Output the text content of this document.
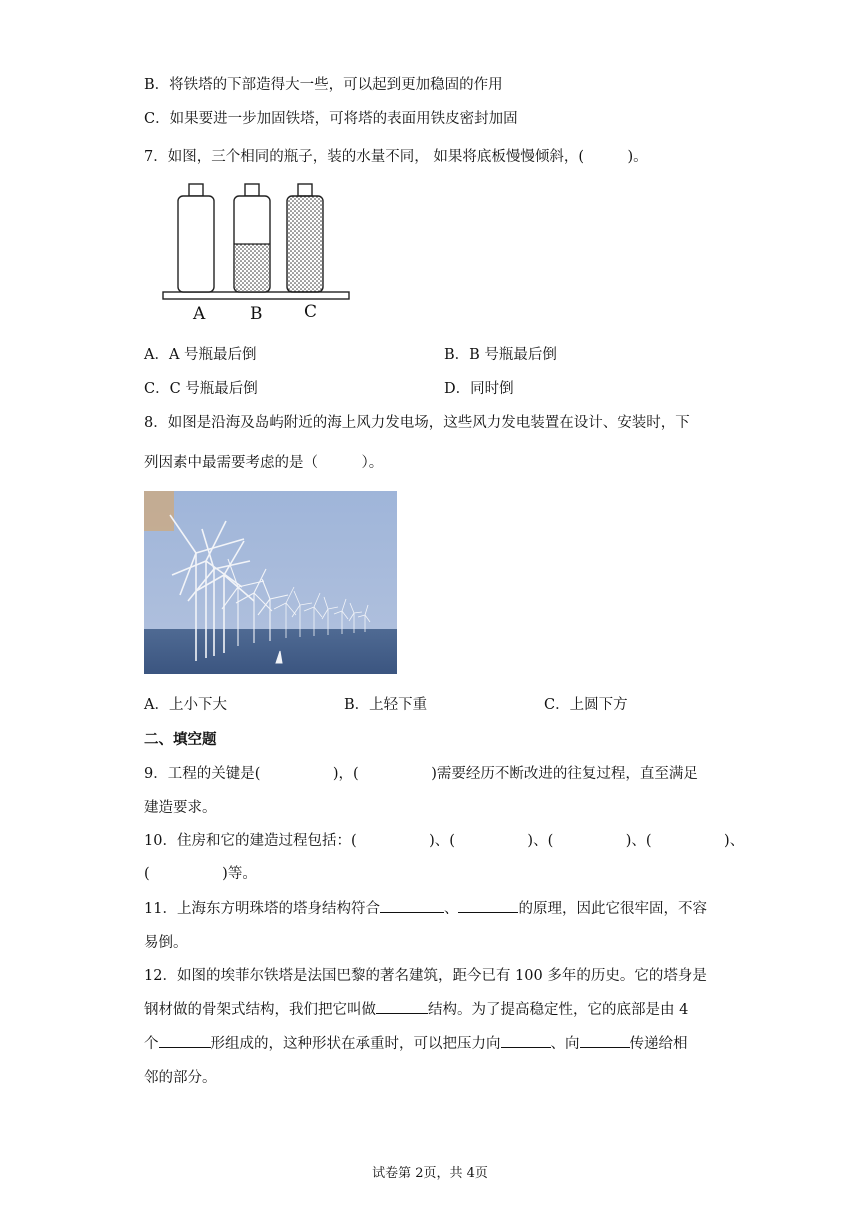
B．将铁塔的下部造得大一些，可以起到更加稳固的作用
C．如果要进一步加固铁塔，可将塔的表面用铁皮密封加固
7．如图，三个相同的瓶子，装的水量不同， 如果将底板慢慢倾斜，(　　　)。
A	B C
A．A 号瓶最后倒	B．B 号瓶最后倒
C．C 号瓶最后倒	D．同时倒
8．如图是沿海及岛屿附近的海上风力发电场，这些风力发电装置在设计、安装时，下
列因素中最需要考虑的是（　　　）。
A．上小下大	B．上轻下重	C．上圆下方
二、填空题
9．工程的关键是(　　　　　)，(　　　　　)需要经历不断改进的往复过程，直至满足
建造要求。
10．住房和它的建造过程包括：(　　　　　)、(　　　　　)、(　　　　　)、(　　　　　)、
(　　　　　)等。
11．上海东方明珠塔的塔身结构符合	、	的原理，因此它很牢固，不容
易倒。
12．如图的埃菲尔铁塔是法国巴黎的著名建筑，距今已有 100 多年的历史。它的塔身是
钢材做的骨架式结构，我们把它叫做	结构。为了提高稳定性，它的底部是由 4
个	形组成的，这种形状在承重时，可以把压力向	、向	传递给相
邻的部分。
试卷第 2页，共 4页
